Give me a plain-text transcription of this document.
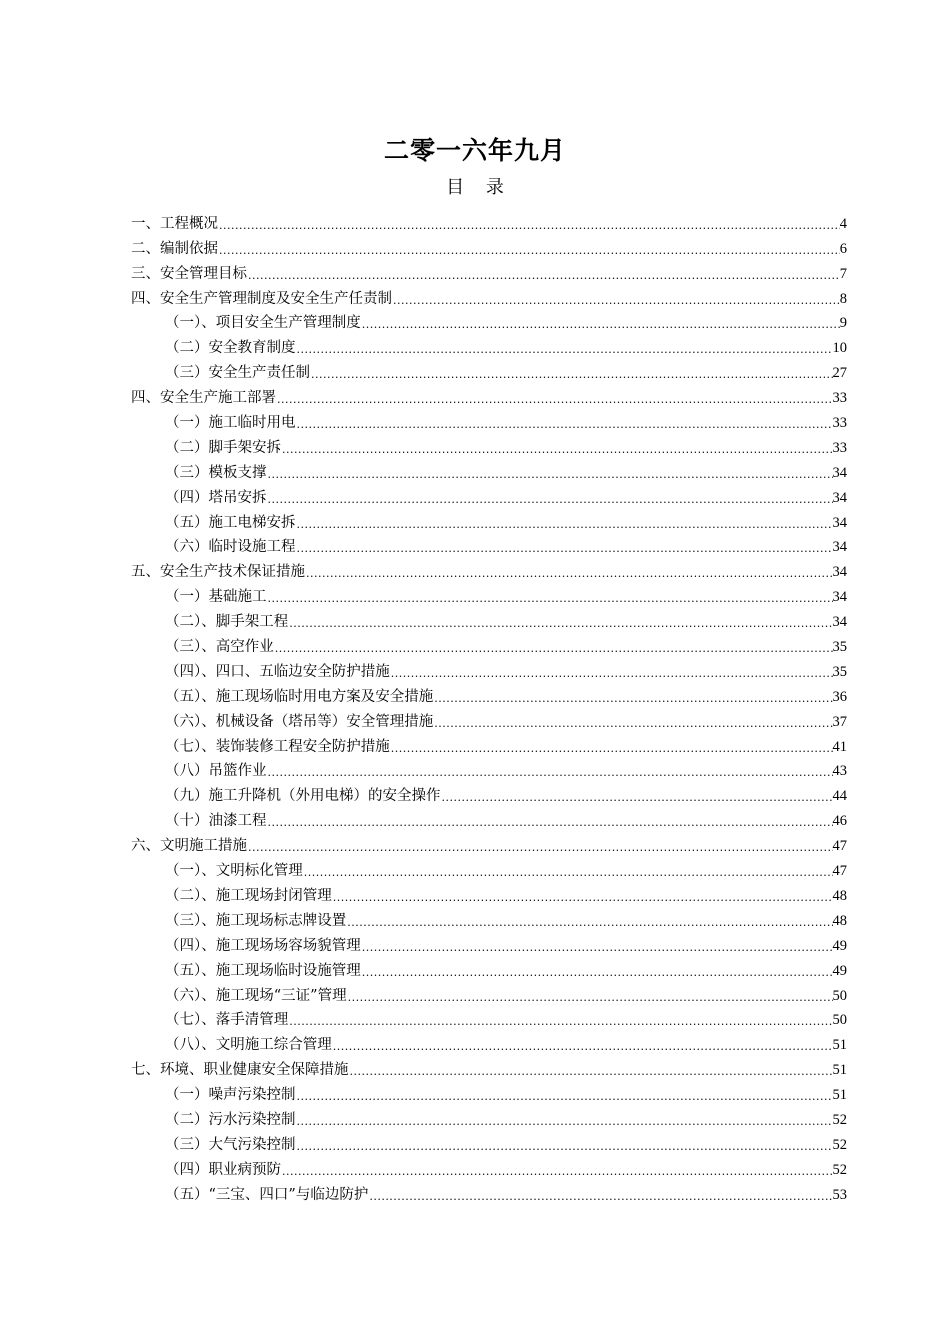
二零一六年九月
目 录
一、工程概况 .....	4
二、编制依据 .....	6
三、安全管理目标 .....	7
四、安全生产管理制度及安全生产任责制 .....	8
（一）、项目安全生产管理制度 .....	9
（二）安全教育制度 .....	10
（三）安全生产责任制 .....	27
四、安全生产施工部署 .....	33
（一）施工临时用电 .....	33
（二）脚手架安拆 .....	33
（三）模板支撑 .....	34
（四）塔吊安拆 .....	34
（五）施工电梯安拆 .....	34
（六）临时设施工程 .....	34
五、安全生产技术保证措施 .....	34
（一）基础施工 .....	34
（二）、脚手架工程 .....	34
（三）、高空作业 .....	35
（四）、四口、五临边安全防护措施 .....	35
（五）、施工现场临时用电方案及安全措施 .....	36
（六）、机械设备（塔吊等）安全管理措施 .....	37
（七）、装饰装修工程安全防护措施 .....	41
（八）吊篮作业 .....	43
（九）施工升降机（外用电梯）的安全操作 .....	44
（十）油漆工程 .....	46
六、文明施工措施 .....	47
（一）、文明标化管理 .....	47
（二）、施工现场封闭管理 .....	48
（三）、施工现场标志牌设置 .....	48
（四）、施工现场场容场貌管理 .....	49
（五）、施工现场临时设施管理 .....	49
（六）、施工现场“三证”管理 .....	50
（七）、落手清管理 .....	50
（八）、文明施工综合管理 .....	51
七、环境、职业健康安全保障措施 .....	51
（一）噪声污染控制 .....	51
（二）污水污染控制 .....	52
（三）大气污染控制 .....	52
（四）职业病预防 .....	52
（五）“三宝、四口”与临边防护 .....	53
